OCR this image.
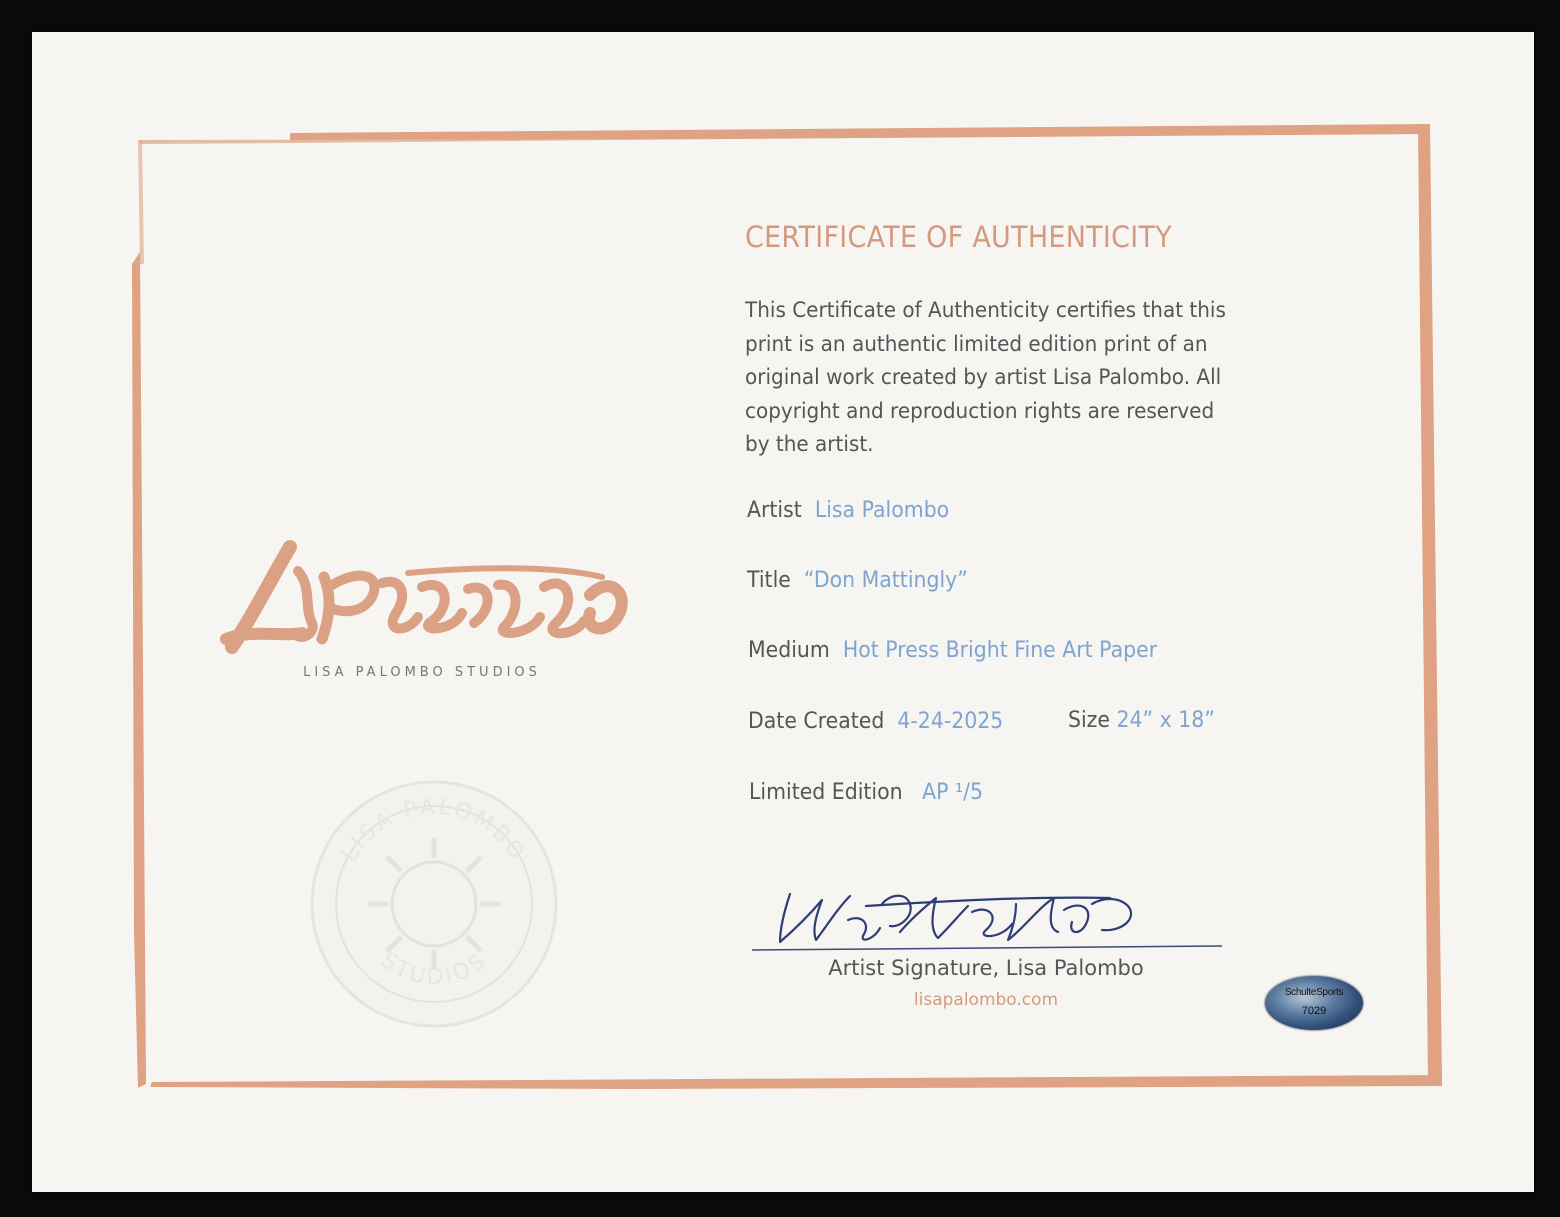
LISA PALOMBO STUDIOS
LISA PALOMBO
STUDIOS
CERTIFICATE OF AUTHENTICITY

This Certificate of Authenticity certifies that this print is an authentic limited edition print of an original work created by artist Lisa Palombo. All copyright and reproduction rights are reserved by the artist.

Artist Lisa Palombo
Title “Don Mattingly”
Medium Hot Press Bright Fine Art Paper
Date Created 4-24-2025	Size 24” x 18”
Limited Edition AP ¹/5
Artist Signature, Lisa Palombo
lisapalombo.com	SchulteSports
7029
